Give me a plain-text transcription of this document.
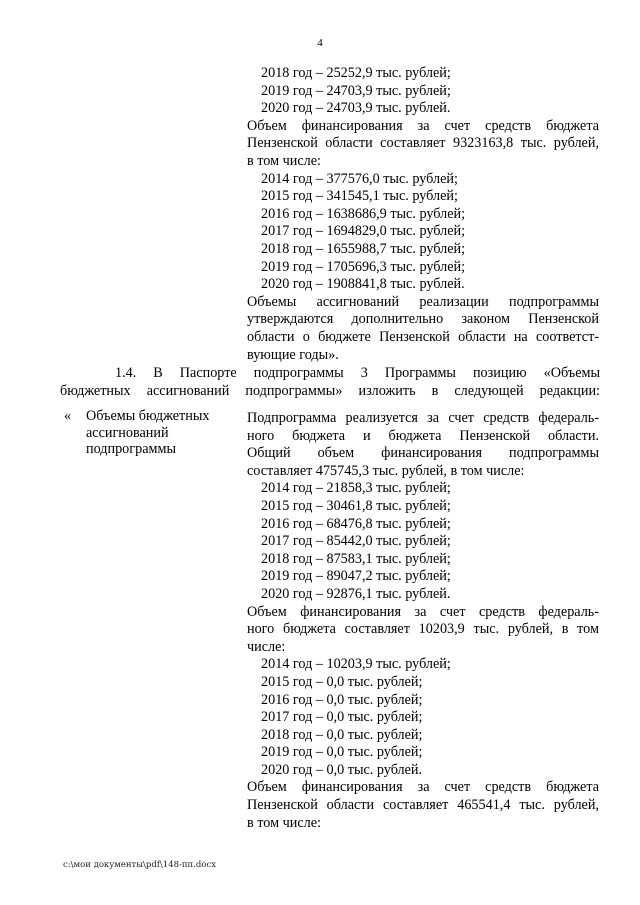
4
2018 год – 25252,9 тыс. рублей;
2019 год – 24703,9 тыс. рублей;
2020 год – 24703,9 тыс. рублей.
Объем финансирования за счет средств бюджета
Пензенской области составляет 9323163,8 тыс. рублей,
в том числе:
2014 год – 377576,0 тыс. рублей;
2015 год – 341545,1 тыс. рублей;
2016 год – 1638686,9 тыс. рублей;
2017 год – 1694829,0 тыс. рублей;
2018 год – 1655988,7 тыс. рублей;
2019 год – 1705696,3 тыс. рублей;
2020 год – 1908841,8 тыс. рублей.
Объемы ассигнований реализации подпрограммы
утверждаются дополнительно законом Пензенской
области о бюджете Пензенской области на соответст-
вующие годы».
1.4. В Паспорте подпрограммы 3 Программы позицию «Объемы
бюджетных ассигнований подпрограммы» изложить в следующей редакции:
«	Объемы бюджетных
ассигнований
подпрограммы
Подпрограмма реализуется за счет средств федераль-
ного бюджета и бюджета Пензенской области.
Общий объем финансирования подпрограммы
составляет 475745,3 тыс. рублей, в том числе:
2014 год – 21858,3 тыс. рублей;
2015 год – 30461,8 тыс. рублей;
2016 год – 68476,8 тыс. рублей;
2017 год – 85442,0 тыс. рублей;
2018 год – 87583,1 тыс. рублей;
2019 год – 89047,2 тыс. рублей;
2020 год – 92876,1 тыс. рублей.
Объем финансирования за счет средств федераль-
ного бюджета составляет 10203,9 тыс. рублей, в том
числе:
2014 год – 10203,9 тыс. рублей;
2015 год – 0,0 тыс. рублей;
2016 год – 0,0 тыс. рублей;
2017 год – 0,0 тыс. рублей;
2018 год – 0,0 тыс. рублей;
2019 год – 0,0 тыс. рублей;
2020 год – 0,0 тыс. рублей.
Объем финансирования за счет средств бюджета
Пензенской области составляет 465541,4 тыс. рублей,
в том числе:
c:\мои документы\pdf\148-пп.docx
